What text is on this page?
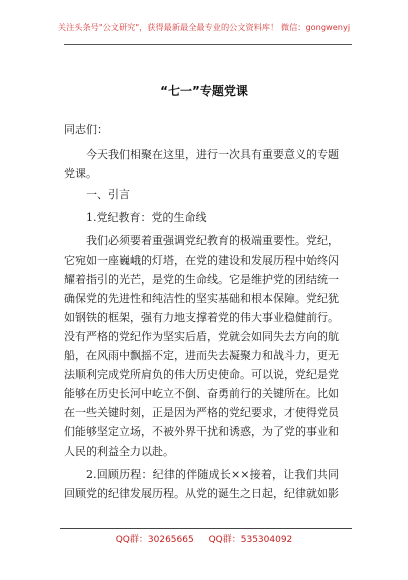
关注头条号"公文研究"，获得最新最全最专业的公文资料库！ 微信：gongwenyj
“七一”专题党课

同志们：

今天我们相聚在这里，进行一次具有重要意义的专题党课。

一、引言

1.党纪教育：党的生命线

我们必须要着重强调党纪教育的极端重要性。党纪，它宛如一座巍峨的灯塔，在党的建设和发展历程中始终闪耀着指引的光芒，是党的生命线。它是维护党的团结统一确保党的先进性和纯洁性的坚实基础和根本保障。党纪犹如钢铁的框架，强有力地支撑着党的伟大事业稳健前行。没有严格的党纪作为坚实后盾，党就会如同失去方向的航船，在风雨中飘摇不定，进而失去凝聚力和战斗力，更无法顺利完成党所肩负的伟大历史使命。可以说，党纪是党能够在历史长河中屹立不倒、奋勇前行的关键所在。比如在一些关键时刻，正是因为严格的党纪要求，才使得党员们能够坚定立场，不被外界干扰和诱惑，为了党的事业和人民的利益全力以赴。

2.回顾历程：纪律的伴随成长××接着，让我们共同回顾党的纪律发展历程。从党的诞生之日起，纪律就如影

QQ群：30265665 QQ群：535304092
